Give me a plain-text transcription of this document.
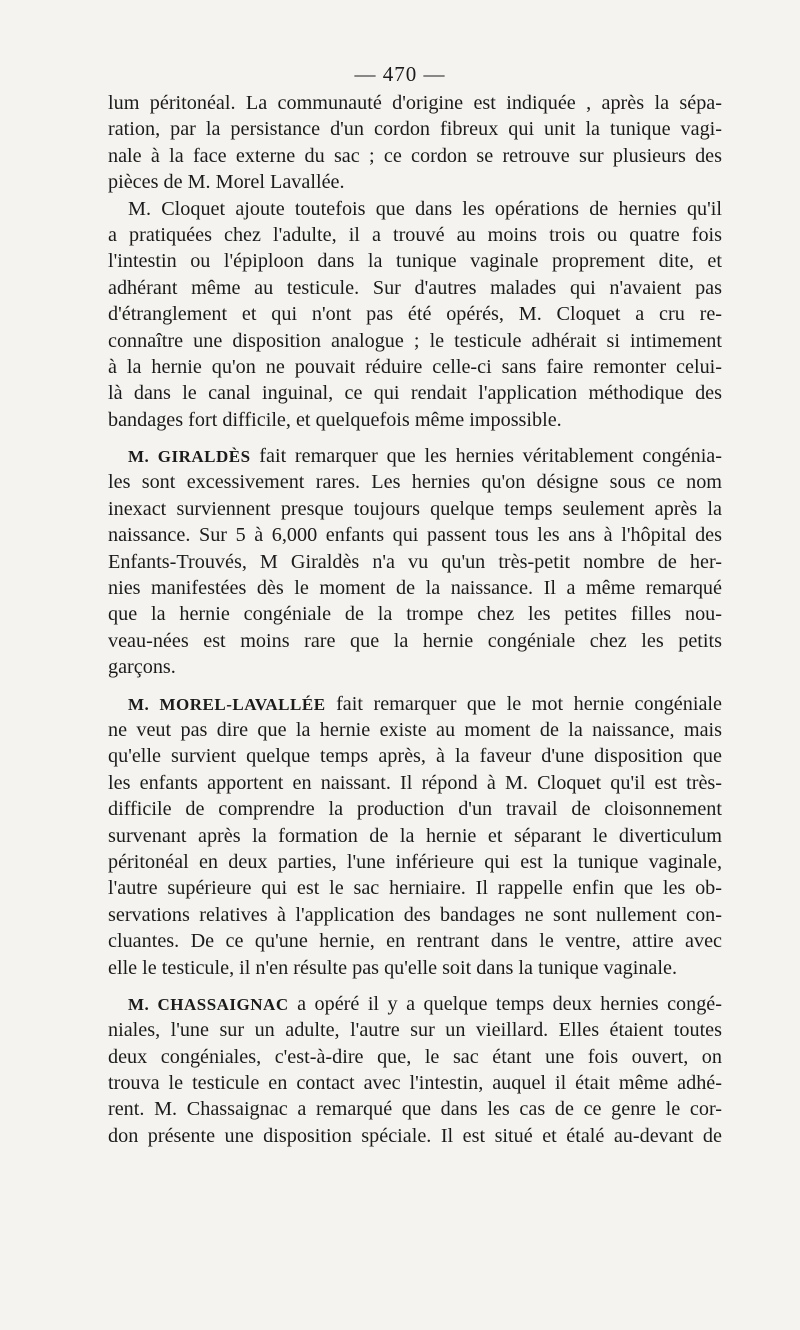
— 470 —
lum péritonéal. La communauté d'origine est indiquée , après la sépa-
ration, par la persistance d'un cordon fibreux qui unit la tunique vagi-
nale à la face externe du sac ; ce cordon se retrouve sur plusieurs des
pièces de M. Morel Lavallée.
M. Cloquet ajoute toutefois que dans les opérations de hernies qu'il
a pratiquées chez l'adulte, il a trouvé au moins trois ou quatre fois
l'intestin ou l'épiploon dans la tunique vaginale proprement dite, et
adhérant même au testicule. Sur d'autres malades qui n'avaient pas
d'étranglement et qui n'ont pas été opérés, M. Cloquet a cru re-
connaître une disposition analogue ; le testicule adhérait si intimement
à la hernie qu'on ne pouvait réduire celle-ci sans faire remonter celui-
là dans le canal inguinal, ce qui rendait l'application méthodique des
bandages fort difficile, et quelquefois même impossible.
M. GIRALDÈS fait remarquer que les hernies véritablement congénia-
les sont excessivement rares. Les hernies qu'on désigne sous ce nom
inexact surviennent presque toujours quelque temps seulement après la
naissance. Sur 5 à 6,000 enfants qui passent tous les ans à l'hôpital des
Enfants-Trouvés, M Giraldès n'a vu qu'un très-petit nombre de her-
nies manifestées dès le moment de la naissance. Il a même remarqué
que la hernie congéniale de la trompe chez les petites filles nou-
veau-nées est moins rare que la hernie congéniale chez les petits
garçons.
M. MOREL-LAVALLÉE fait remarquer que le mot hernie congéniale
ne veut pas dire que la hernie existe au moment de la naissance, mais
qu'elle survient quelque temps après, à la faveur d'une disposition que
les enfants apportent en naissant. Il répond à M. Cloquet qu'il est très-
difficile de comprendre la production d'un travail de cloisonnement
survenant après la formation de la hernie et séparant le diverticulum
péritonéal en deux parties, l'une inférieure qui est la tunique vaginale,
l'autre supérieure qui est le sac herniaire. Il rappelle enfin que les ob-
servations relatives à l'application des bandages ne sont nullement con-
cluantes. De ce qu'une hernie, en rentrant dans le ventre, attire avec
elle le testicule, il n'en résulte pas qu'elle soit dans la tunique vaginale.
M. CHASSAIGNAC a opéré il y a quelque temps deux hernies congé-
niales, l'une sur un adulte, l'autre sur un vieillard. Elles étaient toutes
deux congéniales, c'est-à-dire que, le sac étant une fois ouvert, on
trouva le testicule en contact avec l'intestin, auquel il était même adhé-
rent. M. Chassaignac a remarqué que dans les cas de ce genre le cor-
don présente une disposition spéciale. Il est situé et étalé au-devant de
